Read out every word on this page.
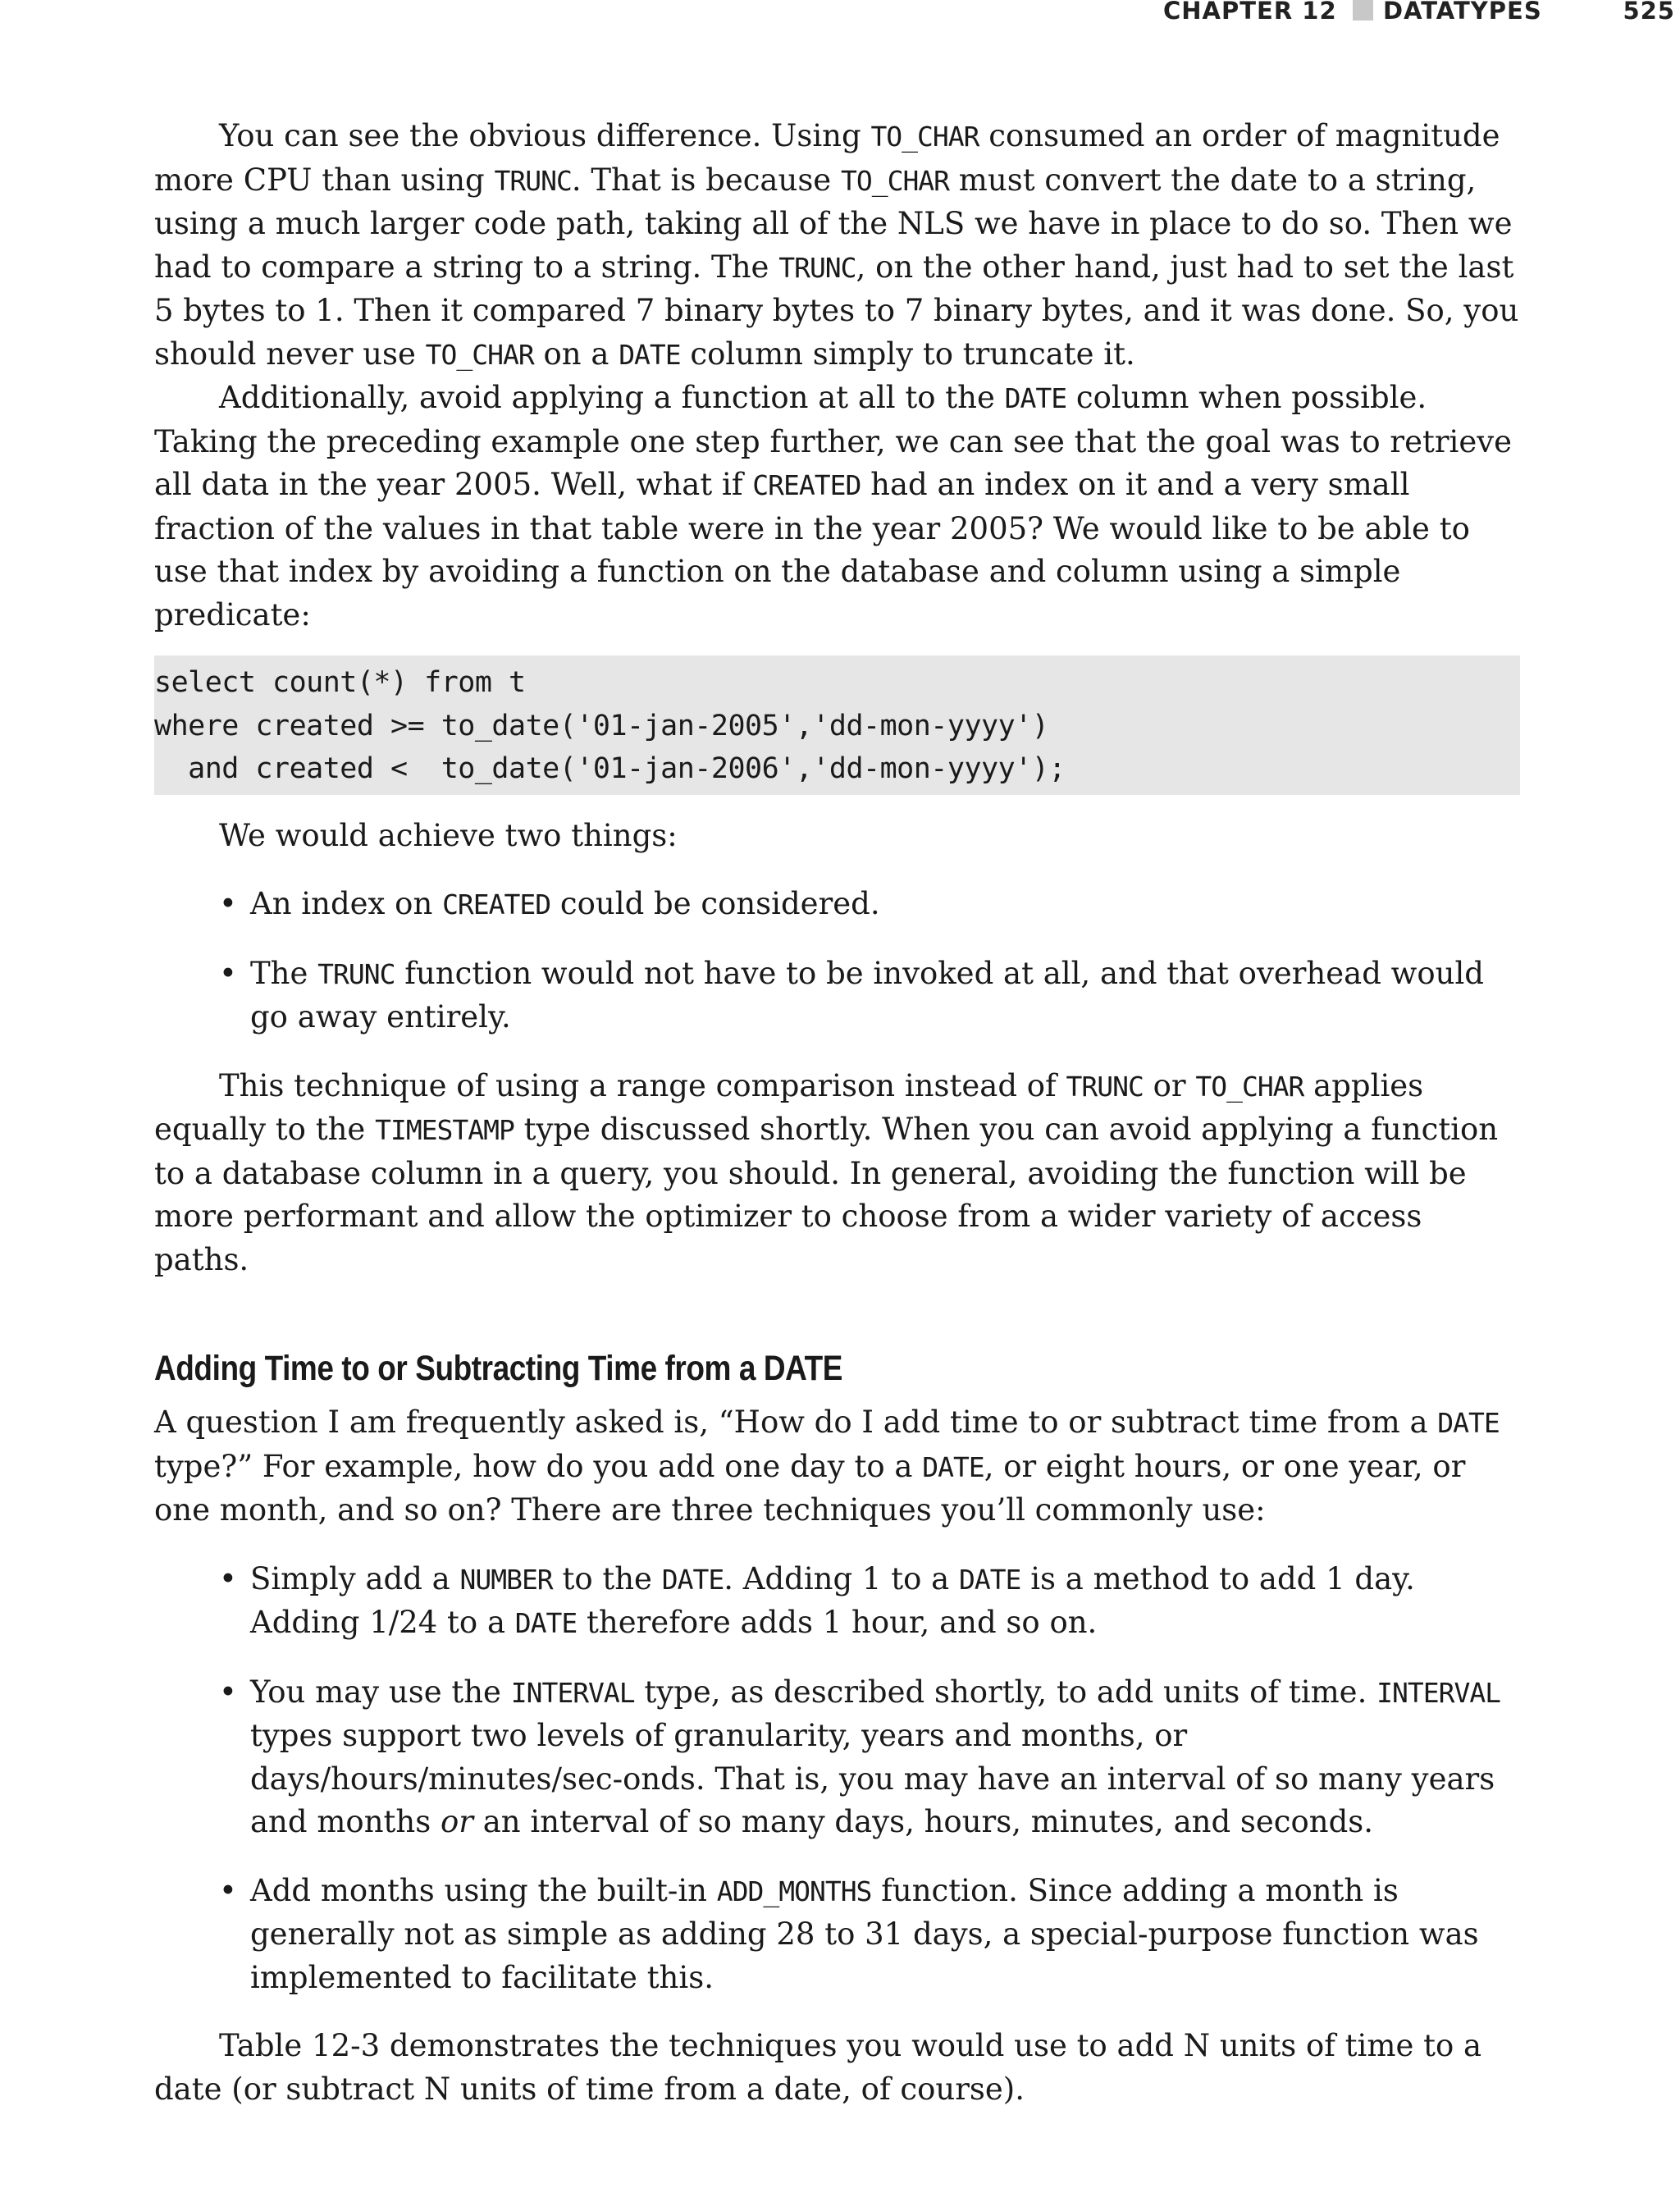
CHAPTER 12 DATATYPES	525

You can see the obvious difference. Using TO_CHAR consumed an order of magnitude more CPU than using TRUNC. That is because TO_CHAR must convert the date to a string, using a much larger code path, taking all of the NLS we have in place to do so. Then we had to compare a string to a string. The TRUNC, on the other hand, just had to set the last 5 bytes to 1. Then it compared 7 binary bytes to 7 binary bytes, and it was done. So, you should never use TO_CHAR on a DATE column simply to truncate it.

Additionally, avoid applying a function at all to the DATE column when possible. Taking the preceding example one step further, we can see that the goal was to retrieve all data in the year 2005. Well, what if CREATED had an index on it and a very small fraction of the values in that table were in the year 2005? We would like to be able to use that index by avoiding a function on the database and column using a simple predicate:

select count(*) from t
where created >= to_date('01-jan-2005','dd-mon-yyyy')
and created <  to_date('01-jan-2006','dd-mon-yyyy');

We would achieve two things:

• An index on CREATED could be considered.
• The TRUNC function would not have to be invoked at all, and that overhead would go away entirely.

This technique of using a range comparison instead of TRUNC or TO_CHAR applies equally to the TIMESTAMP type discussed shortly. When you can avoid applying a function to a database column in a query, you should. In general, avoiding the function will be more performant and allow the optimizer to choose from a wider variety of access paths.

Adding Time to or Subtracting Time from a DATE

A question I am frequently asked is, “How do I add time to or subtract time from a DATE type?” For example, how do you add one day to a DATE, or eight hours, or one year, or one month, and so on? There are three techniques you’ll commonly use:

• Simply add a NUMBER to the DATE. Adding 1 to a DATE is a method to add 1 day. Adding 1/24 to a DATE therefore adds 1 hour, and so on.
• You may use the INTERVAL type, as described shortly, to add units of time. INTERVAL types support two levels of granularity, years and months, or days/hours/minutes/sec-onds. That is, you may have an interval of so many years and months or an interval of so many days, hours, minutes, and seconds.
• Add months using the built-in ADD_MONTHS function. Since adding a month is generally not as simple as adding 28 to 31 days, a special-purpose function was implemented to facilitate this.

Table 12-3 demonstrates the techniques you would use to add N units of time to a date (or subtract N units of time from a date, of course).
